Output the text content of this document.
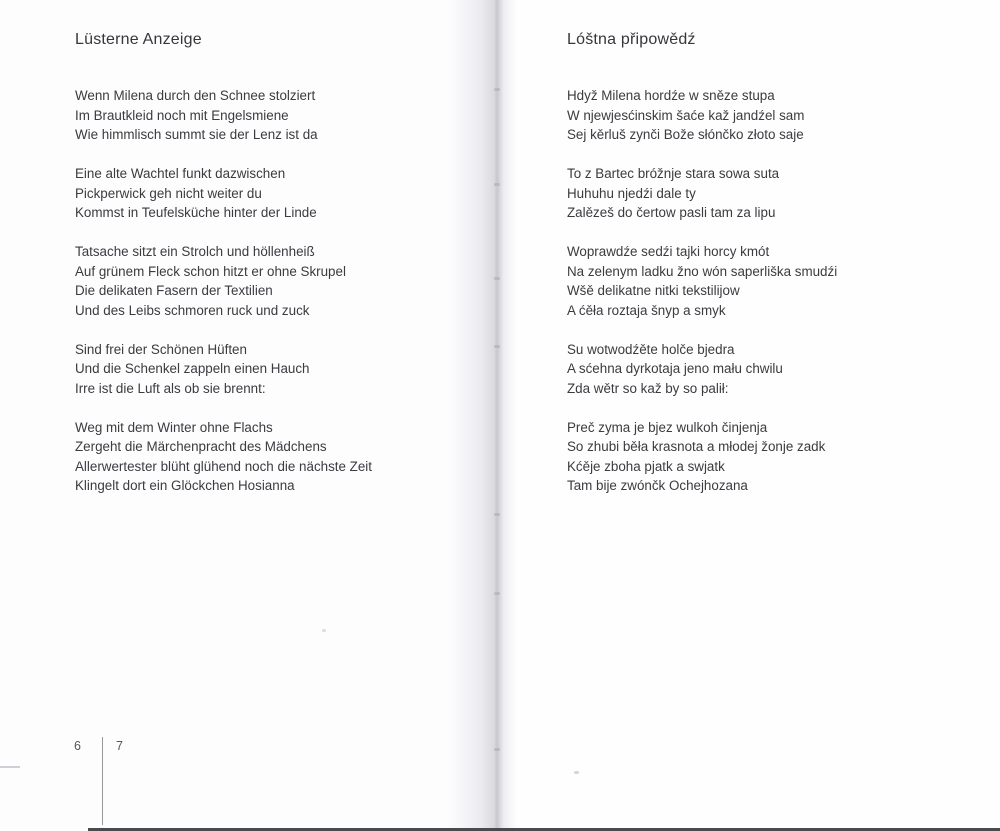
Lüsterne Anzeige
Wenn Milena durch den Schnee stolziert
Im Brautkleid noch mit Engelsmiene
Wie himmlisch summt sie der Lenz ist da
Eine alte Wachtel funkt dazwischen
Pickperwick geh nicht weiter du
Kommst in Teufelsküche hinter der Linde
Tatsache sitzt ein Strolch und höllenheiß
Auf grünem Fleck schon hitzt er ohne Skrupel
Die delikaten Fasern der Textilien
Und des Leibs schmoren ruck und zuck
Sind frei der Schönen Hüften
Und die Schenkel zappeln einen Hauch
Irre ist die Luft als ob sie brennt:
Weg mit dem Winter ohne Flachs
Zergeht die Märchenpracht des Mädchens
Allerwertester blüht glühend noch die nächste Zeit
Klingelt dort ein Glöckchen Hosianna
Lóštna připowědź
Hdyž Milena hordźe w sněze stupa
W njewjesćinskim šaće kaž jandźel sam
Sej kěrluš zynči Bože słónčko złoto saje
To z Bartec bróžnje stara sowa suta
Huhuhu njedźi dale ty
Zalězeš do čertow pasli tam za lipu
Woprawdźe sedźi tajki horcy kmót
Na zelenym ladku žno wón saperliška smudźi
Wšě delikatne nitki tekstilijow
A ćěła roztaja šnyp a smyk
Su wotwodźěte holče bjedra
A sćehna dyrkotaja jeno mału chwilu
Zda wětr so kaž by so palił:
Preč zyma je bjez wulkoh činjenja
So zhubi běła krasnota a młodej žonje zadk
Kćěje zboha pjatk a swjatk
Tam bije zwónčk Ochejhozana
6	7
